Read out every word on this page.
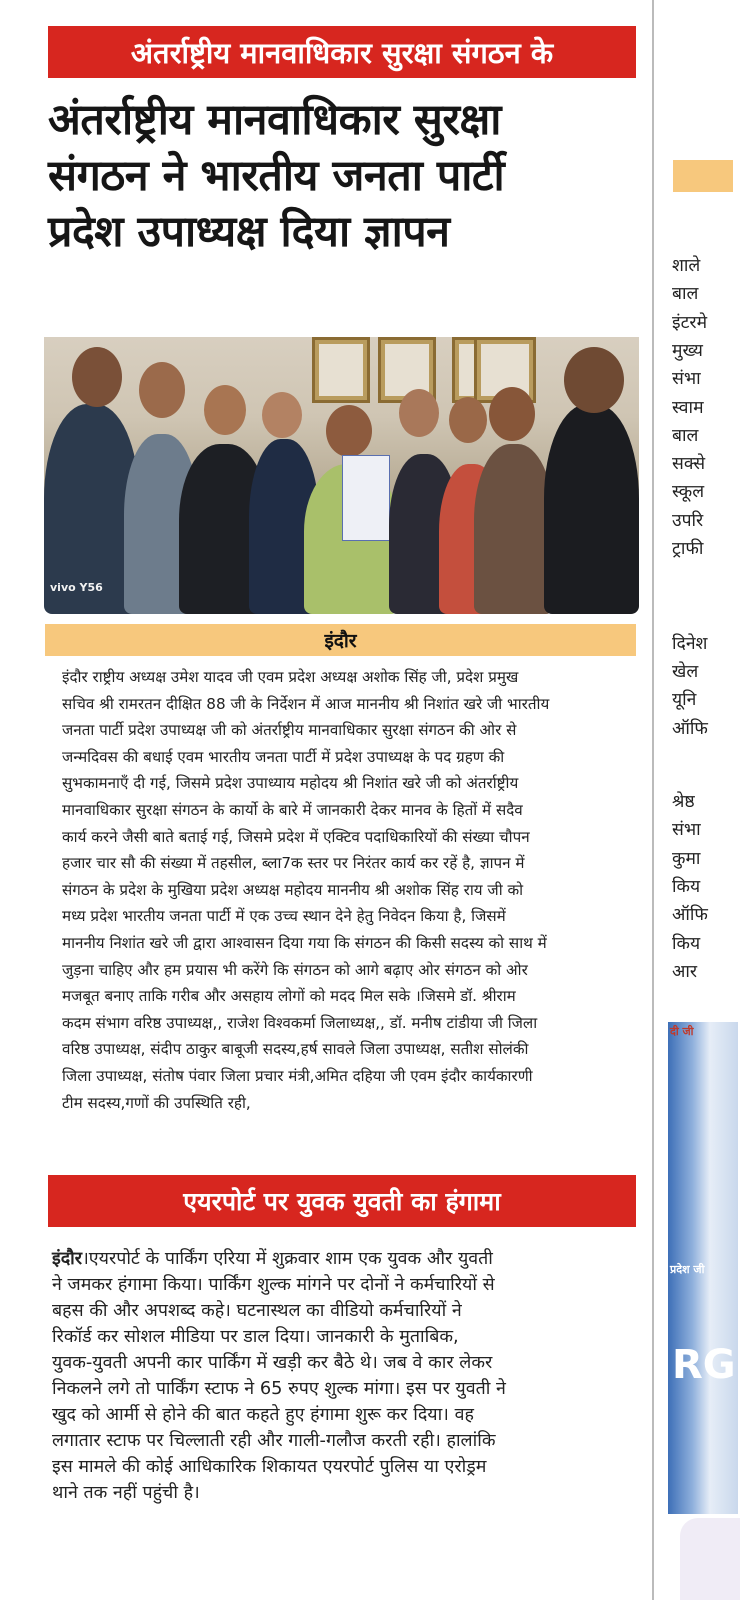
अंतर्राष्ट्रीय मानवाधिकार सुरक्षा संगठन के
अंतर्राष्ट्रीय मानवाधिकार सुरक्षा
संगठन ने भारतीय जनता पार्टी
प्रदेश उपाध्यक्ष दिया ज्ञापन
vivo Y56
इंदौर

इंदौर राष्ट्रीय अध्यक्ष उमेश यादव जी एवम प्रदेश अध्यक्ष अशोक सिंह जी, प्रदेश प्रमुख

सचिव श्री रामरतन दीक्षित 88 जी के निर्देशन में आज माननीय श्री निशांत खरे जी भारतीय

जनता पार्टी प्रदेश उपाध्यक्ष जी को अंतर्राष्ट्रीय मानवाधिकार सुरक्षा संगठन की ओर से

जन्मदिवस की बधाई एवम भारतीय जनता पार्टी में प्रदेश उपाध्यक्ष के पद ग्रहण की

सुभकामनाएँ दी गई, जिसमे प्रदेश उपाध्याय महोदय श्री निशांत खरे जी को अंतर्राष्ट्रीय

मानवाधिकार सुरक्षा संगठन के कार्यो के बारे में जानकारी देकर मानव के हितों में सदैव

कार्य करने जैसी बाते बताई गई, जिसमे प्रदेश में एक्टिव पदाधिकारियों की संख्या चौपन

हजार चार सौ की संख्या में तहसील, ब्ला7क स्तर पर निरंतर कार्य कर रहें है, ज्ञापन में

संगठन के प्रदेश के मुखिया प्रदेश अध्यक्ष महोदय माननीय श्री अशोक सिंह राय जी को

मध्य प्रदेश भारतीय जनता पार्टी में एक उच्च स्थान देने हेतु निवेदन किया है, जिसमें

माननीय निशांत खरे जी द्वारा आश्वासन दिया गया कि संगठन की किसी सदस्य को साथ में

जुड़ना चाहिए और हम प्रयास भी करेंगे कि संगठन को आगे बढ़ाए ओर संगठन को ओर

मजबूत बनाए ताकि गरीब और असहाय लोगों को मदद मिल सके ।जिसमे डॉ. श्रीराम

कदम संभाग वरिष्ठ उपाध्यक्ष,, राजेश विश्वकर्मा जिलाध्यक्ष,, डॉ. मनीष टांडीया जी जिला

वरिष्ठ उपाध्यक्ष, संदीप ठाकुर बाबूजी सदस्य,हर्ष सावले जिला उपाध्यक्ष, सतीश सोलंकी

जिला उपाध्यक्ष, संतोष पंवार जिला प्रचार मंत्री,अमित दहिया जी एवम इंदौर कार्यकारणी

टीम सदस्य,गणों की उपस्थिति रही,

एयरपोर्ट पर युवक युवती का हंगामा
इंदौर।एयरपोर्ट के पार्किंग एरिया में शुक्रवार शाम एक युवक और युवती
ने जमकर हंगामा किया। पार्किंग शुल्क मांगने पर दोनों ने कर्मचारियों से
बहस की और अपशब्द कहे। घटनास्थल का वीडियो कर्मचारियों ने
रिकॉर्ड कर सोशल मीडिया पर डाल दिया। जानकारी के मुताबिक,
युवक-युवती अपनी कार पार्किंग में खड़ी कर बैठे थे। जब वे कार लेकर
निकलने लगे तो पार्किंग स्टाफ ने 65 रुपए शुल्क मांगा। इस पर युवती ने
खुद को आर्मी से होने की बात कहते हुए हंगामा शुरू कर दिया। वह
लगातार स्टाफ पर चिल्लाती रही और गाली-गलौज करती रही। हालांकि
इस मामले की कोई आधिकारिक शिकायत एयरपोर्ट पुलिस या एरोड्रम
थाने तक नहीं पहुंची है।
शाले
बाल
इंटरमे
मुख्य
संभा
स्वाम
बाल
सक्से
स्कूल
उपरि
ट्राफी
दिनेश
खेल
यूनि
ऑफि
श्रेष्ठ
संभा
कुमा
किय
ऑफि
किय
आर
दी जी
प्रदेश जी
RG
